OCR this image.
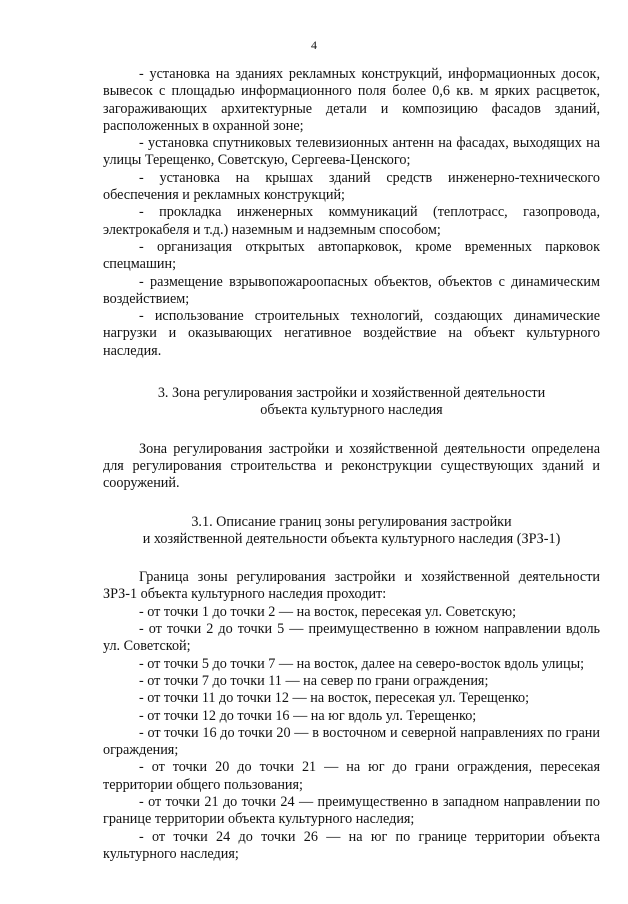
4

- установка на зданиях рекламных конструкций, информационных досок, вывесок с площадью информационного поля более 0,6 кв. м ярких расцветок, загораживающих архитектурные детали и композицию фасадов зданий, расположенных в охранной зоне;

- установка спутниковых телевизионных антенн на фасадах, выходящих на улицы Терещенко, Советскую, Сергеева-Ценского;

- установка на крышах зданий средств инженерно-технического обеспечения и рекламных конструкций;

- прокладка инженерных коммуникаций (теплотрасс, газопровода, электрокабеля и т.д.) наземным и надземным способом;

- организация открытых автопарковок, кроме временных парковок спецмашин;

- размещение взрывопожароопасных объектов, объектов с динамическим воздействием;

- использование строительных технологий, создающих динамические нагрузки и оказывающих негативное воздействие на объект культурного наследия.

3. Зона регулирования застройки и хозяйственной деятельности

объекта культурного наследия

Зона регулирования застройки и хозяйственной деятельности определена для регулирования строительства и реконструкции существующих зданий и сооружений.

3.1. Описание границ зоны регулирования застройки

и хозяйственной деятельности объекта культурного наследия (ЗРЗ-1)

Граница зоны регулирования застройки и хозяйственной деятельности ЗРЗ-1 объекта культурного наследия проходит:

- от точки 1 до точки 2 — на восток, пересекая ул. Советскую;

- от точки 2 до точки 5 — преимущественно в южном направлении вдоль ул. Советской;

- от точки 5 до точки 7 — на восток, далее на северо-восток вдоль улицы;

- от точки 7 до точки 11 — на север по грани ограждения;

- от точки 11 до точки 12 — на восток, пересекая ул. Терещенко;

- от точки 12 до точки 16 — на юг вдоль ул. Терещенко;

- от точки 16 до точки 20 — в восточном и северной направлениях по грани ограждения;

- от точки 20 до точки 21 — на юг до грани ограждения, пересекая территории общего пользования;

- от точки 21 до точки 24 — преимущественно в западном направлении по границе территории объекта культурного наследия;

- от точки 24 до точки 26 — на юг по границе территории объекта культурного наследия;
